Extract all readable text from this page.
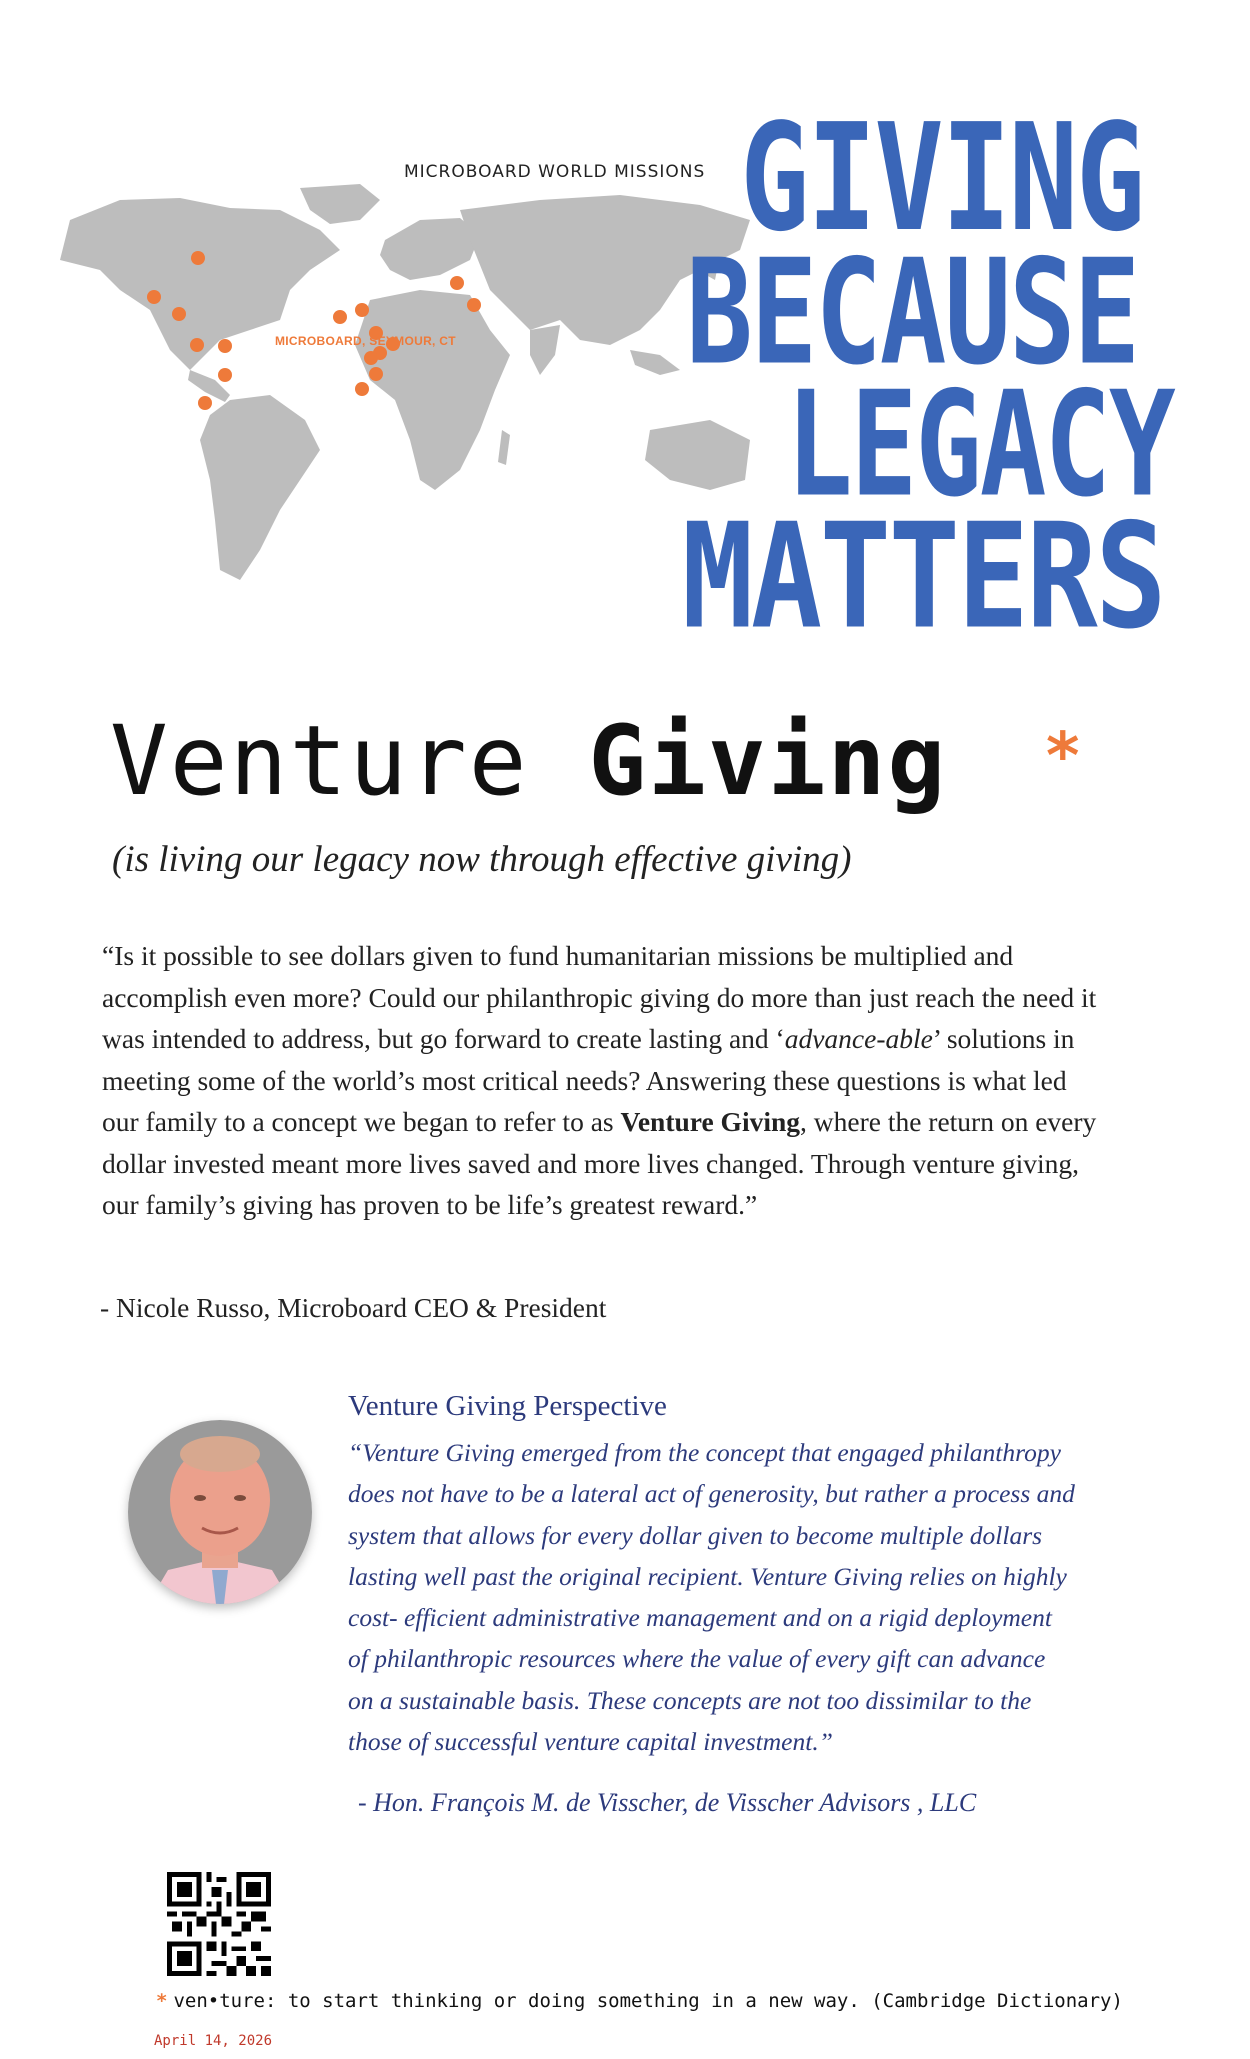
MICROBOARD WORLD MISSIONS
MICROBOARD, SEYMOUR, CT
GIVING
BECAUSE
LEGACY
MATTERS
Venture Giving *
(is living our legacy now through effective giving)

“Is it possible to see dollars given to fund humanitarian missions be multiplied and accomplish even more? Could our philanthropic giving do more than just reach the need it was intended to address, but go forward to create lasting and ‘advance-able’ solutions in meeting some of the world’s most critical needs? Answering these questions is what led our family to a concept we began to refer to as Venture Giving, where the return on every dollar invested meant more lives saved and more lives changed. Through venture giving, our family’s giving has proven to be life’s greatest reward.”

- Nicole Russo, Microboard CEO & President
Venture Giving Perspective
“Venture Giving emerged from the concept that engaged philanthropy
does not have to be a lateral act of generosity, but rather a process and
system that allows for every dollar given to become multiple dollars
lasting well past the original recipient. Venture Giving relies on highly
cost- efficient administrative management and on a rigid deployment
of philanthropic resources where the value of every gift can advance
on a sustainable basis. These concepts are not too dissimilar to the
those of successful venture capital investment.”
- Hon. François M. de Visscher, de Visscher Advisors , LLC
* ven•ture: to start thinking or doing something in a new way. (Cambridge Dictionary)
April 14, 2026
